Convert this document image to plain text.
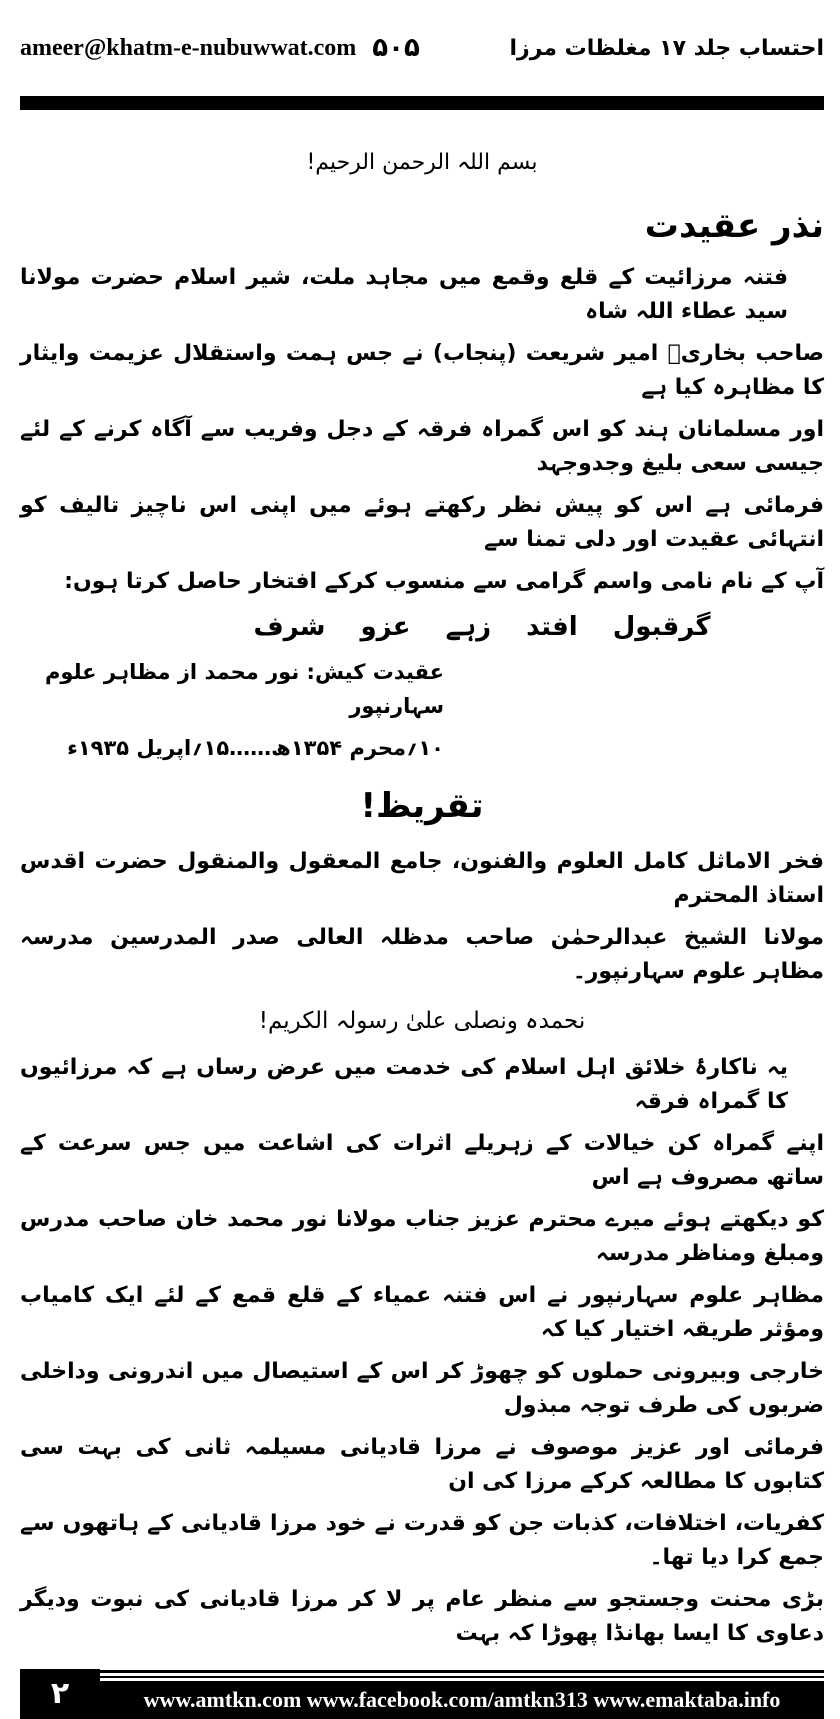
ameer@khatm-e-nubuwwat.com ۵۰۵	احتساب جلد ۱۷ مغلظات مرزا
بسم اللہ الرحمن الرحیم!
نذر عقیدت
فتنہ مرزائیت کے قلع وقمع میں مجاہد ملت، شیر اسلام حضرت مولانا سید عطاء اللہ شاہ
صاحب بخاریؒ امیر شریعت (پنجاب) نے جس ہمت واستقلال عزیمت وایثار کا مظاہرہ کیا ہے
اور مسلمانان ہند کو اس گمراہ فرقہ کے دجل وفریب سے آگاہ کرنے کے لئے جیسی سعی بلیغ وجدوجہد
فرمائی ہے اس کو پیش نظر رکھتے ہوئے میں اپنی اس ناچیز تالیف کو انتہائی عقیدت اور دلی تمنا سے
آپ کے نام نامی واسم گرامی سے منسوب کرکے افتخار حاصل کرتا ہوں:
گرقبول افتد زہے عزو شرف
عقیدت کیش: نور محمد از مظاہر علوم سہارنپور
۱۰؍محرم ۱۳۵۴ھ……۱۵؍اپریل ۱۹۳۵ء
تقریظ!
فخر الاماثل کامل العلوم والفنون، جامع المعقول والمنقول حضرت اقدس استاذ المحترم
مولانا الشیخ عبدالرحمٰن صاحب مدظلہ العالی صدر المدرسین مدرسہ مظاہر علوم سہارنپور۔
نحمدہ ونصلی علیٰ رسولہ الکریم!
یہ ناکارۂ خلائق اہل اسلام کی خدمت میں عرض رساں ہے کہ مرزائیوں کا گمراہ فرقہ
اپنے گمراہ کن خیالات کے زہریلے اثرات کی اشاعت میں جس سرعت کے ساتھ مصروف ہے اس
کو دیکھتے ہوئے میرے محترم عزیز جناب مولانا نور محمد خان صاحب مدرس ومبلغ ومناظر مدرسہ
مظاہر علوم سہارنپور نے اس فتنہ عمیاء کے قلع قمع کے لئے ایک کامیاب ومؤثر طریقہ اختیار کیا کہ
خارجی وبیرونی حملوں کو چھوڑ کر اس کے استیصال میں اندرونی وداخلی ضربوں کی طرف توجہ مبذول
فرمائی اور عزیز موصوف نے مرزا قادیانی مسیلمہ ثانی کی بہت سی کتابوں کا مطالعہ کرکے مرزا کی ان
کفریات، اختلافات، کذبات جن کو قدرت نے خود مرزا قادیانی کے ہاتھوں سے جمع کرا دیا تھا۔
بڑی محنت وجستجو سے منظر عام پر لا کر مرزا قادیانی کی نبوت ودیگر دعاوی کا ایسا بھانڈا پھوڑا کہ بہت
۲	www.amtkn.com www.facebook.com/amtkn313 www.emaktaba.info
